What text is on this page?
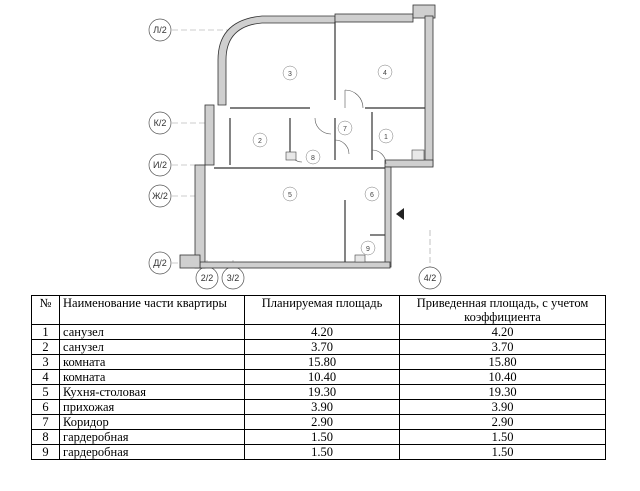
Л/2
К/2
И/2
Ж/2
Д/2
2/2 3/2	4/2
3	4
1
2
5	6
7
8
9
№	Наименование части квартиры	Планируемая площадь	Приведенная площадь, с учетом коэффициента
1	санузел	4.20	4.20
2	санузел	3.70	3.70
3	комната	15.80	15.80
4	комната	10.40	10.40
5	Кухня-столовая	19.30	19.30
6	прихожая	3.90	3.90
7	Коридор	2.90	2.90
8	гардеробная	1.50	1.50
9	гардеробная	1.50	1.50
